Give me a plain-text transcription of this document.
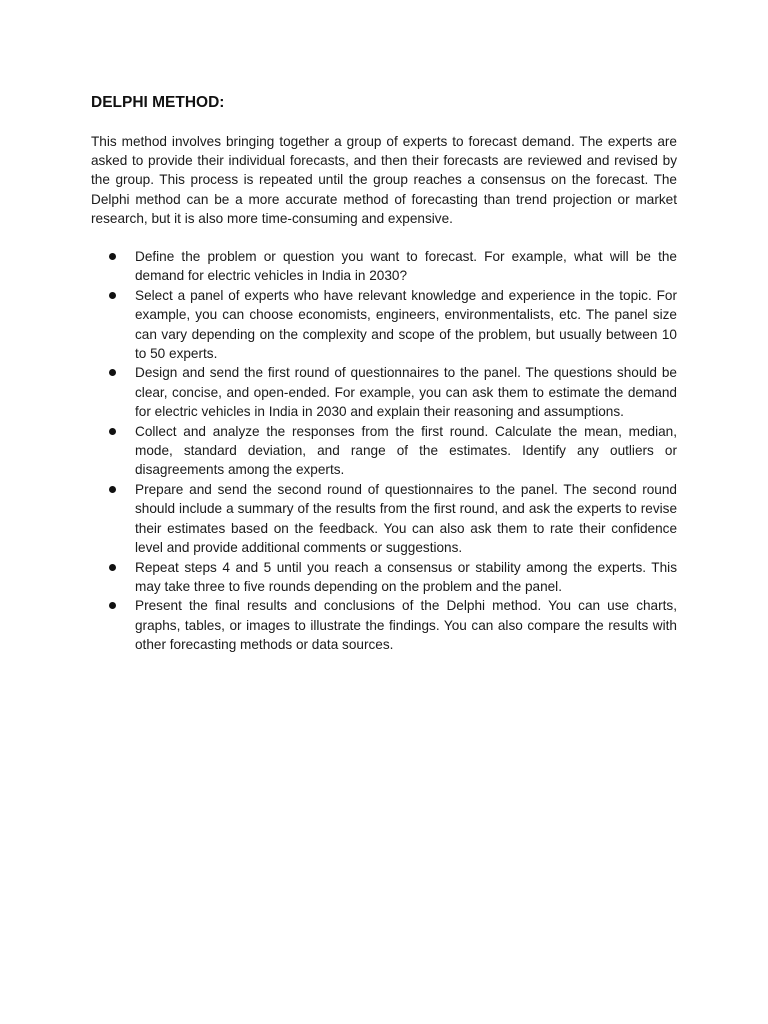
DELPHI METHOD:

This method involves bringing together a group of experts to forecast demand. The experts are asked to provide their individual forecasts, and then their forecasts are reviewed and revised by the group. This process is repeated until the group reaches a consensus on the forecast. The Delphi method can be a more accurate method of forecasting than trend projection or market research, but it is also more time-consuming and expensive.

Define the problem or question you want to forecast. For example, what will be the demand for electric vehicles in India in 2030?
Select a panel of experts who have relevant knowledge and experience in the topic. For example, you can choose economists, engineers, environmentalists, etc. The panel size can vary depending on the complexity and scope of the problem, but usually between 10 to 50 experts.
Design and send the first round of questionnaires to the panel. The questions should be clear, concise, and open-ended. For example, you can ask them to estimate the demand for electric vehicles in India in 2030 and explain their reasoning and assumptions.
Collect and analyze the responses from the first round. Calculate the mean, median, mode, standard deviation, and range of the estimates. Identify any outliers or disagreements among the experts.
Prepare and send the second round of questionnaires to the panel. The second round should include a summary of the results from the first round, and ask the experts to revise their estimates based on the feedback. You can also ask them to rate their confidence level and provide additional comments or suggestions.
Repeat steps 4 and 5 until you reach a consensus or stability among the experts. This may take three to five rounds depending on the problem and the panel.
Present the final results and conclusions of the Delphi method. You can use charts, graphs, tables, or images to illustrate the findings. You can also compare the results with other forecasting methods or data sources.
